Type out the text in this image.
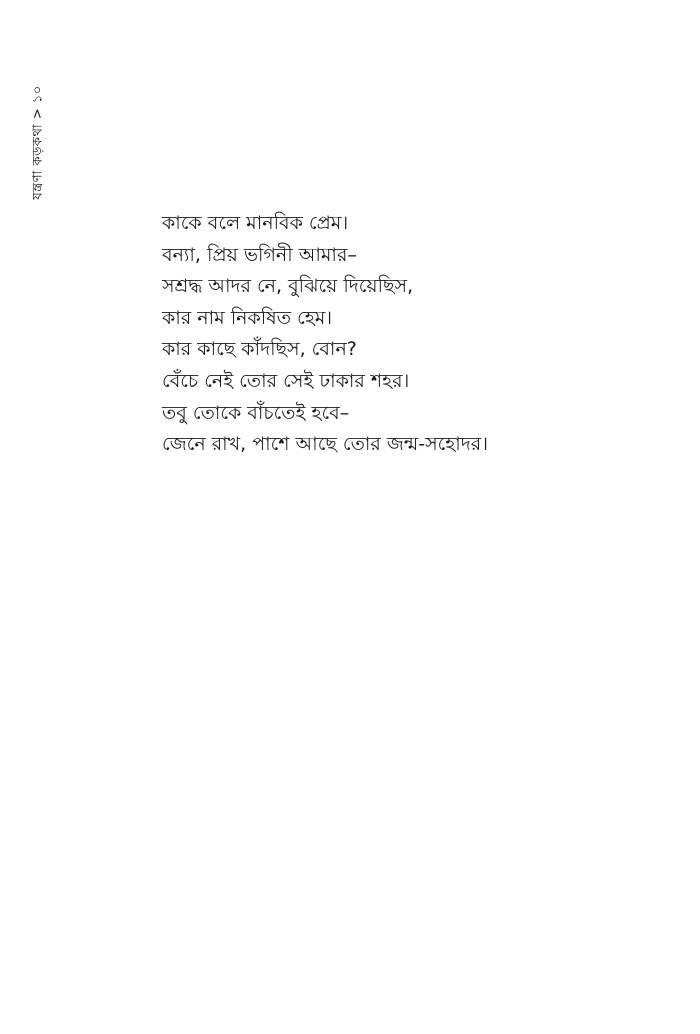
যন্ত্রণা কড়কথা > ১০
কাকে বলে মানবিক প্রেম।
বন্যা, প্রিয় ভগিনী আমার–
সশ্রদ্ধ আদর নে, বুঝিয়ে দিয়েছিস,
কার নাম নিকষিত হেম।
কার কাছে কাঁদছিস, বোন?
বেঁচে নেই তোর সেই ঢাকার শহর।
তবু তোকে বাঁচতেই হবে–
জেনে রাখ, পাশে আছে তোর জন্ম-সহোদর।
